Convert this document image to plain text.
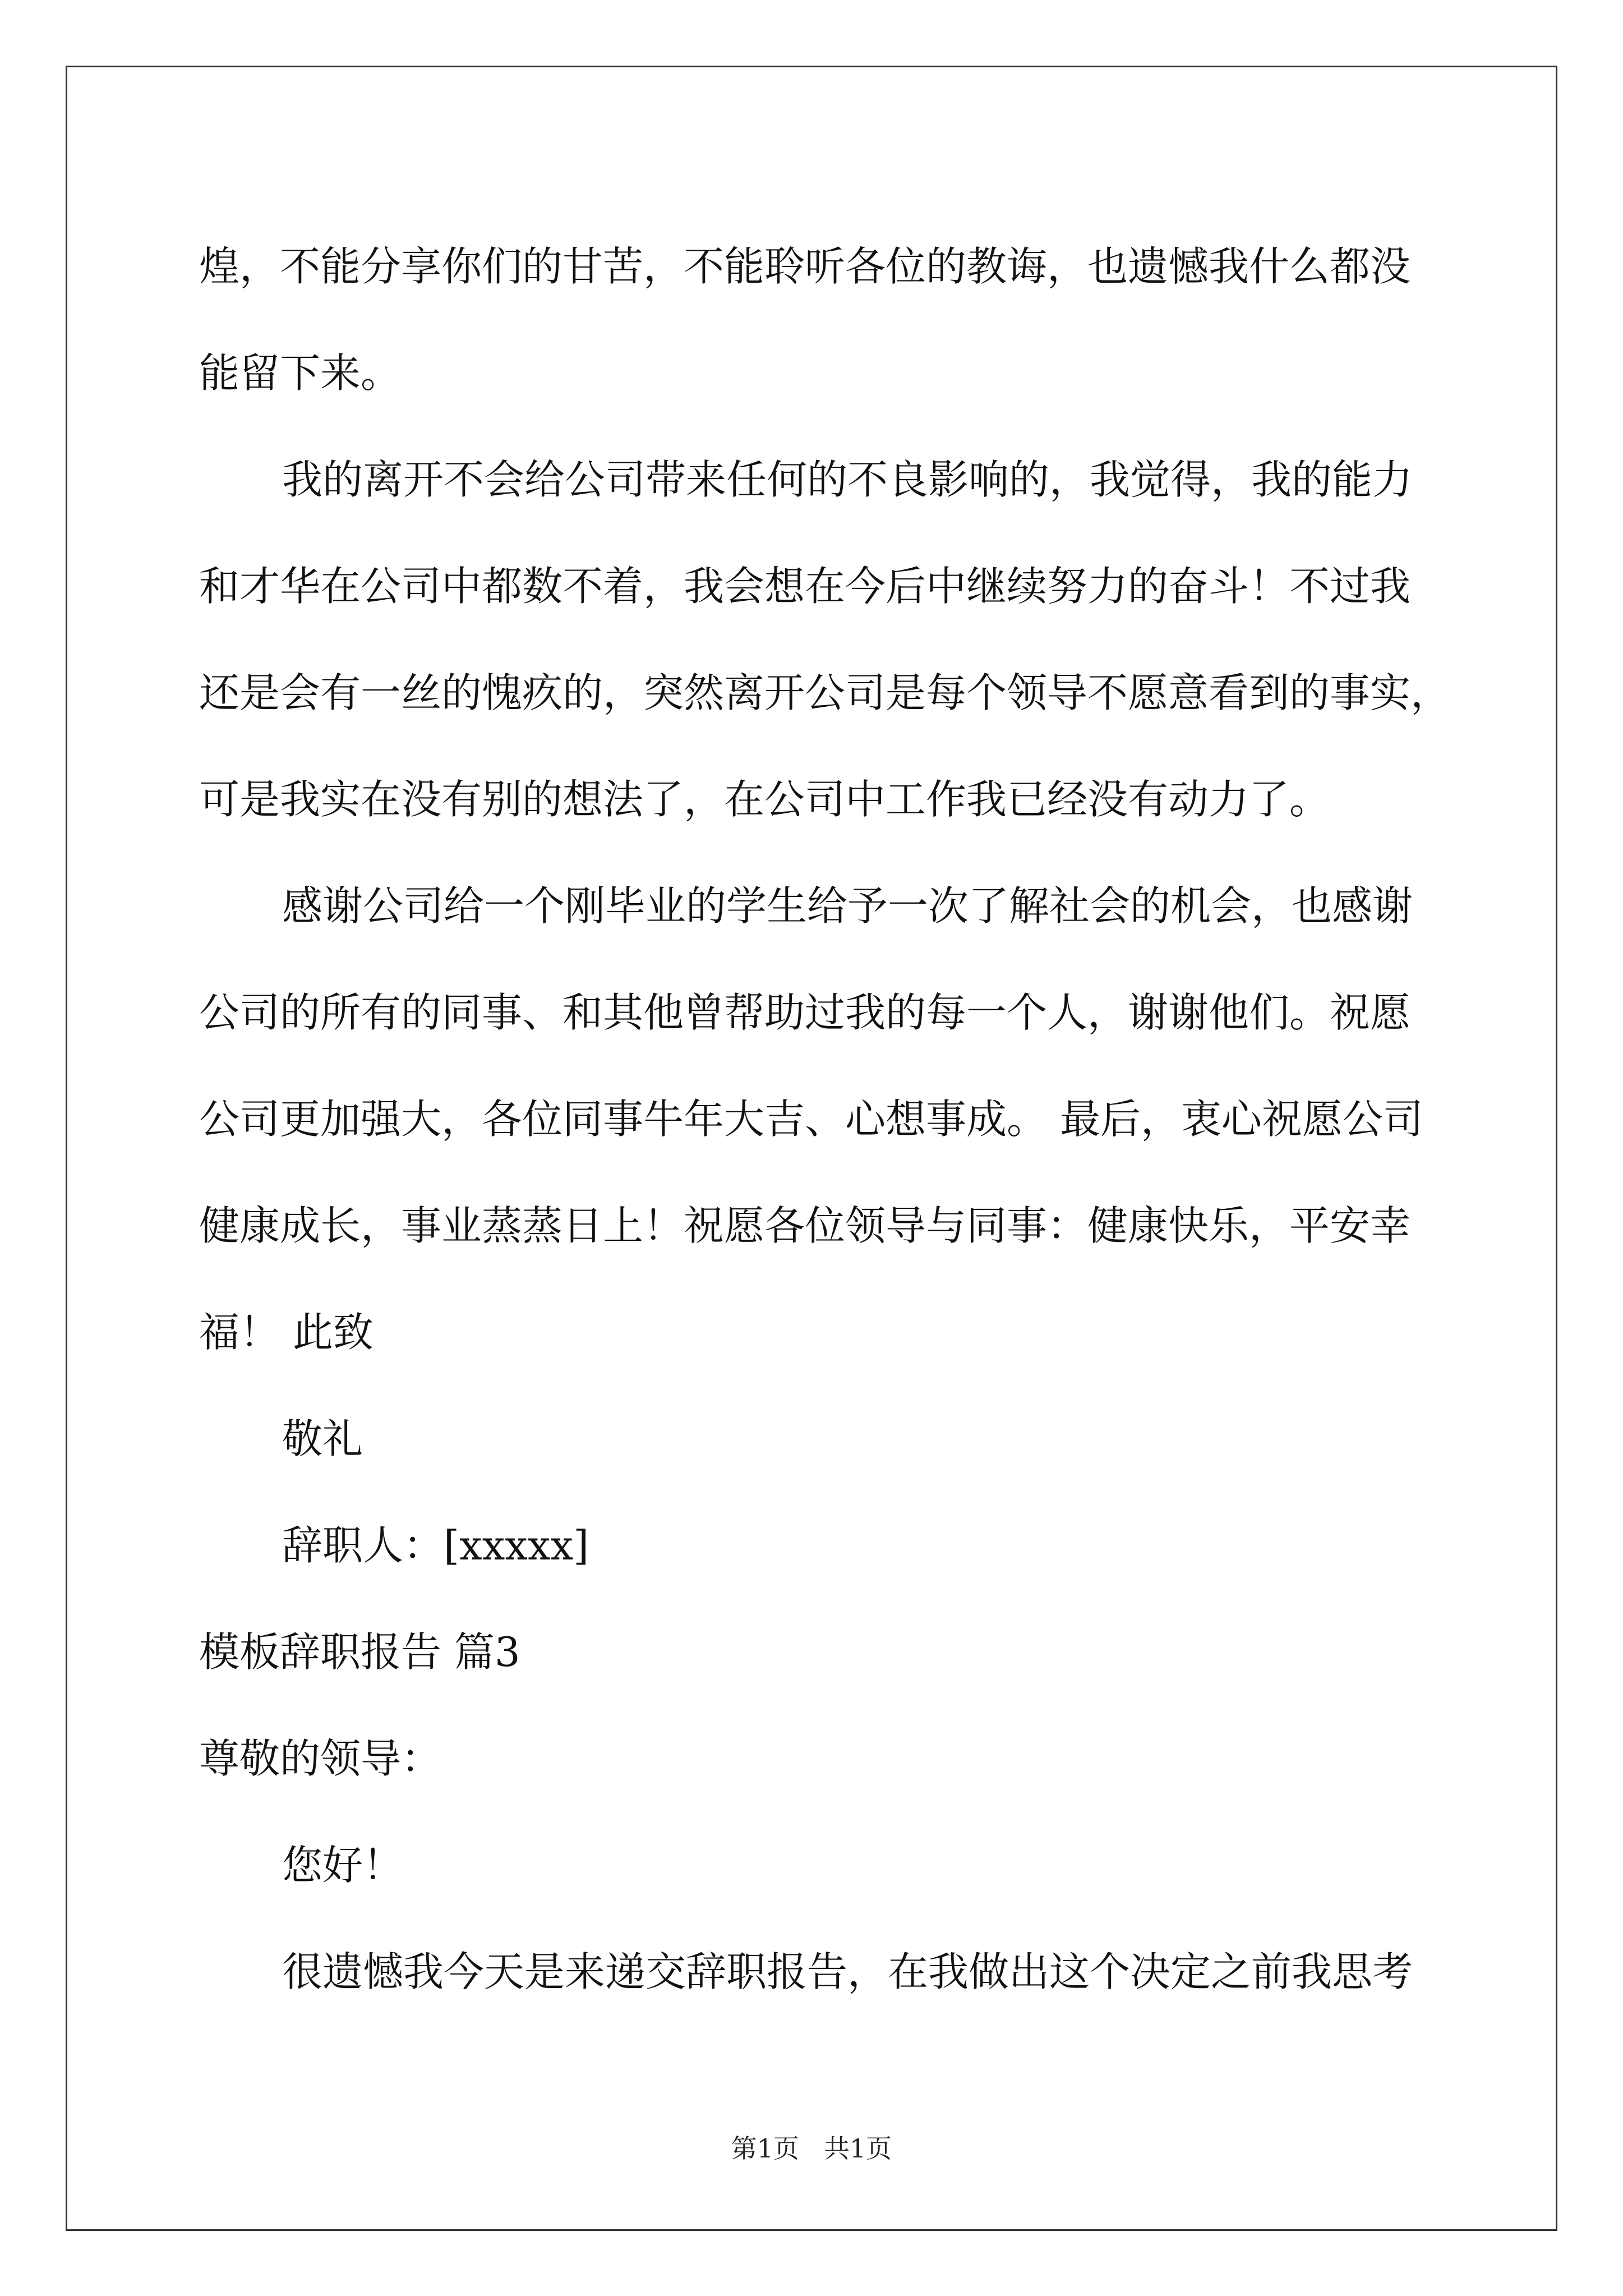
煌，不能分享你们的甘苦，不能聆听各位的教诲，也遗憾我什么都没
能留下来。
我的离开不会给公司带来任何的不良影响的，我觉得，我的能力
和才华在公司中都数不着，我会想在今后中继续努力的奋斗！不过我
还是会有一丝的愧疚的，突然离开公司是每个领导不愿意看到的事实，
可是我实在没有别的想法了，在公司中工作我已经没有动力了。
感谢公司给一个刚毕业的学生给予一次了解社会的机会，也感谢
公司的所有的同事、和其他曾帮助过我的每一个人，谢谢他们。祝愿
公司更加强大，各位同事牛年大吉、心想事成。 最后，衷心祝愿公司
健康成长，事业蒸蒸日上！祝愿各位领导与同事：健康快乐，平安幸
福！ 此致
敬礼
辞职人：[xxxxx]
模板辞职报告 篇3
尊敬的领导：
您好！
很遗憾我今天是来递交辞职报告，在我做出这个决定之前我思考
第1页 共1页
